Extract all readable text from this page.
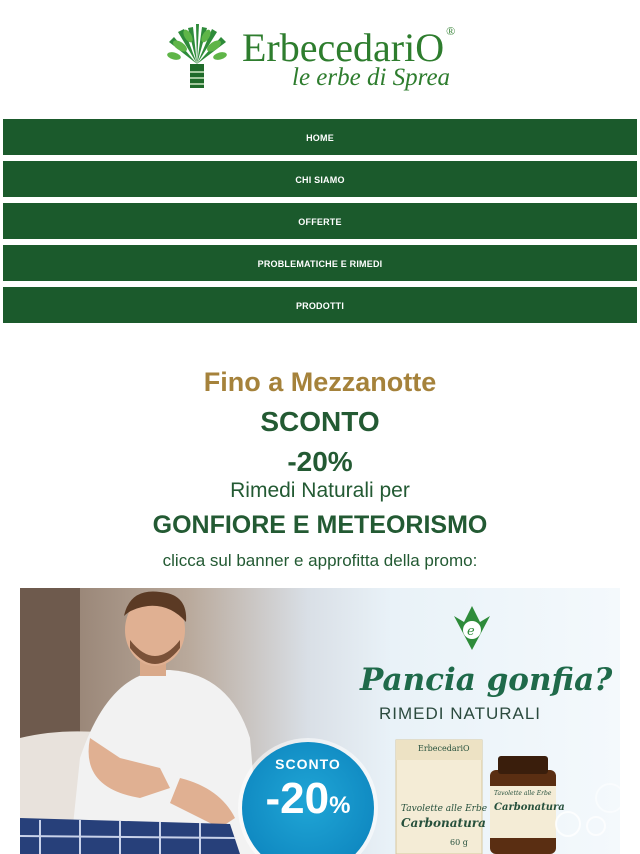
ErbecedariO ®
le erbe di Sprea
HOME
CHI SIAMO
OFFERTE
PROBLEMATICHE E RIMEDI
PRODOTTI
Fino a Mezzanotte
SCONTO
-20%
Rimedi Naturali per
GONFIORE E METEORISMO
clicca sul banner e approfitta della promo:
e
Pancia gonfia?
RIMEDI NATURALI
SCONTO
-20%
ErbecedariO
Tavolette alle Erbe
Carbonatura
60 g
Tavolette alle Erbe
Carbonatura
